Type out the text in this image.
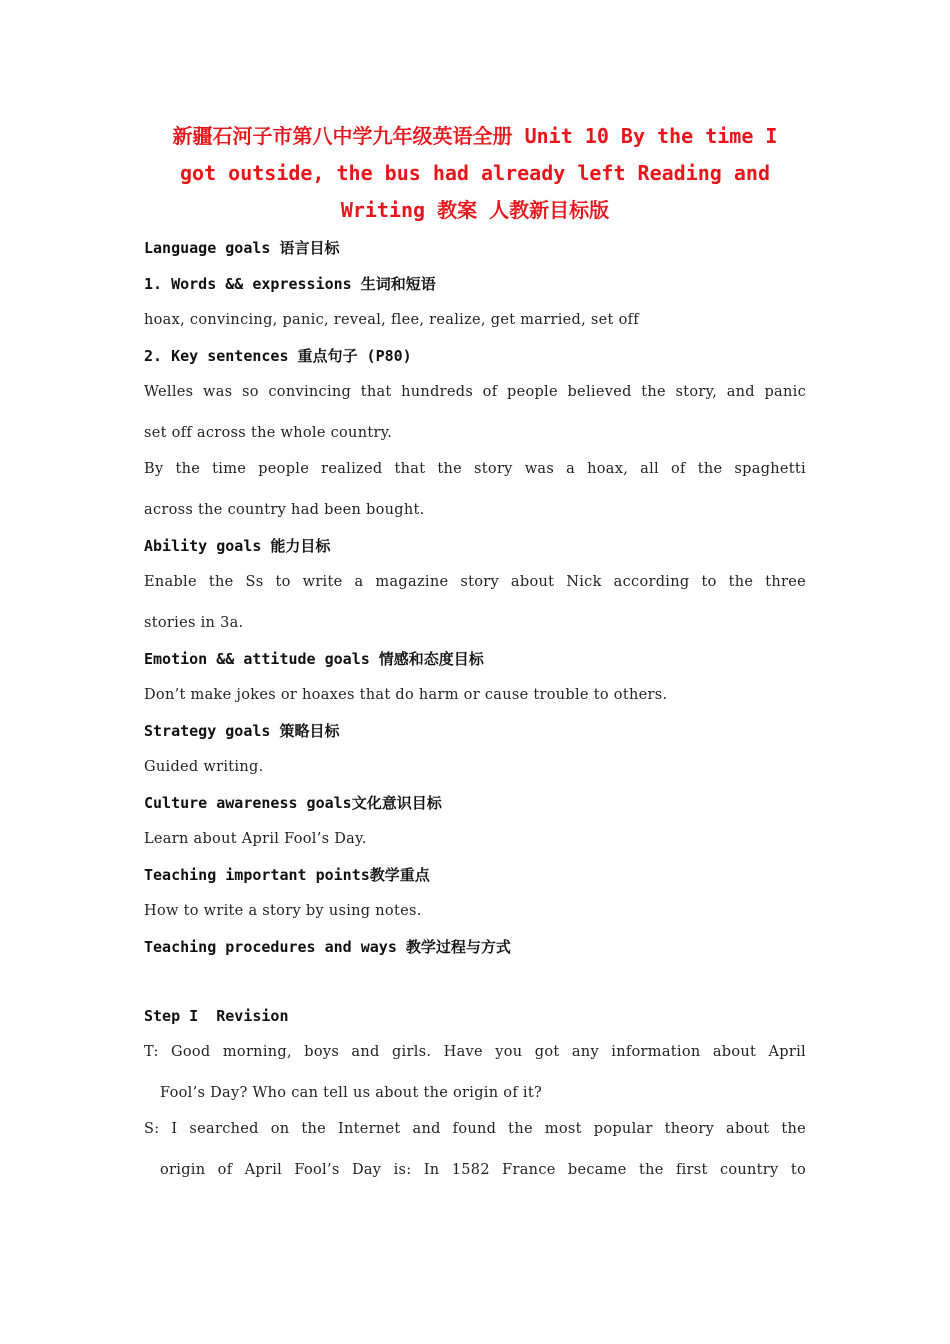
新疆石河子市第八中学九年级英语全册 Unit 10 By the time I got outside, the bus had already left Reading and Writing 教案 人教新目标版
Language goals 语言目标
1. Words && expressions 生词和短语
hoax, convincing, panic, reveal, flee, realize, get married, set off
2. Key sentences 重点句子 (P80)
Welles was so convincing that hundreds of people believed the story, and panic
set off across the whole country.
By the time people realized that the story was a hoax, all of the spaghetti
across the country had been bought.
Ability goals 能力目标
Enable the Ss to write a magazine story about Nick according to the three
stories in 3a.
Emotion && attitude goals 情感和态度目标
Don’t make jokes or hoaxes that do harm or cause trouble to others.
Strategy goals 策略目标
Guided writing.
Culture awareness goals文化意识目标
Learn about April Fool’s Day.
Teaching important points教学重点
How to write a story by using notes.
Teaching procedures and ways 教学过程与方式
Step I  Revision
T: Good morning, boys and girls. Have you got any information about April
Fool’s Day? Who can tell us about the origin of it?
S: I searched on the Internet and found the most popular theory about the
origin of April Fool’s Day is: In 1582 France became the first country to
